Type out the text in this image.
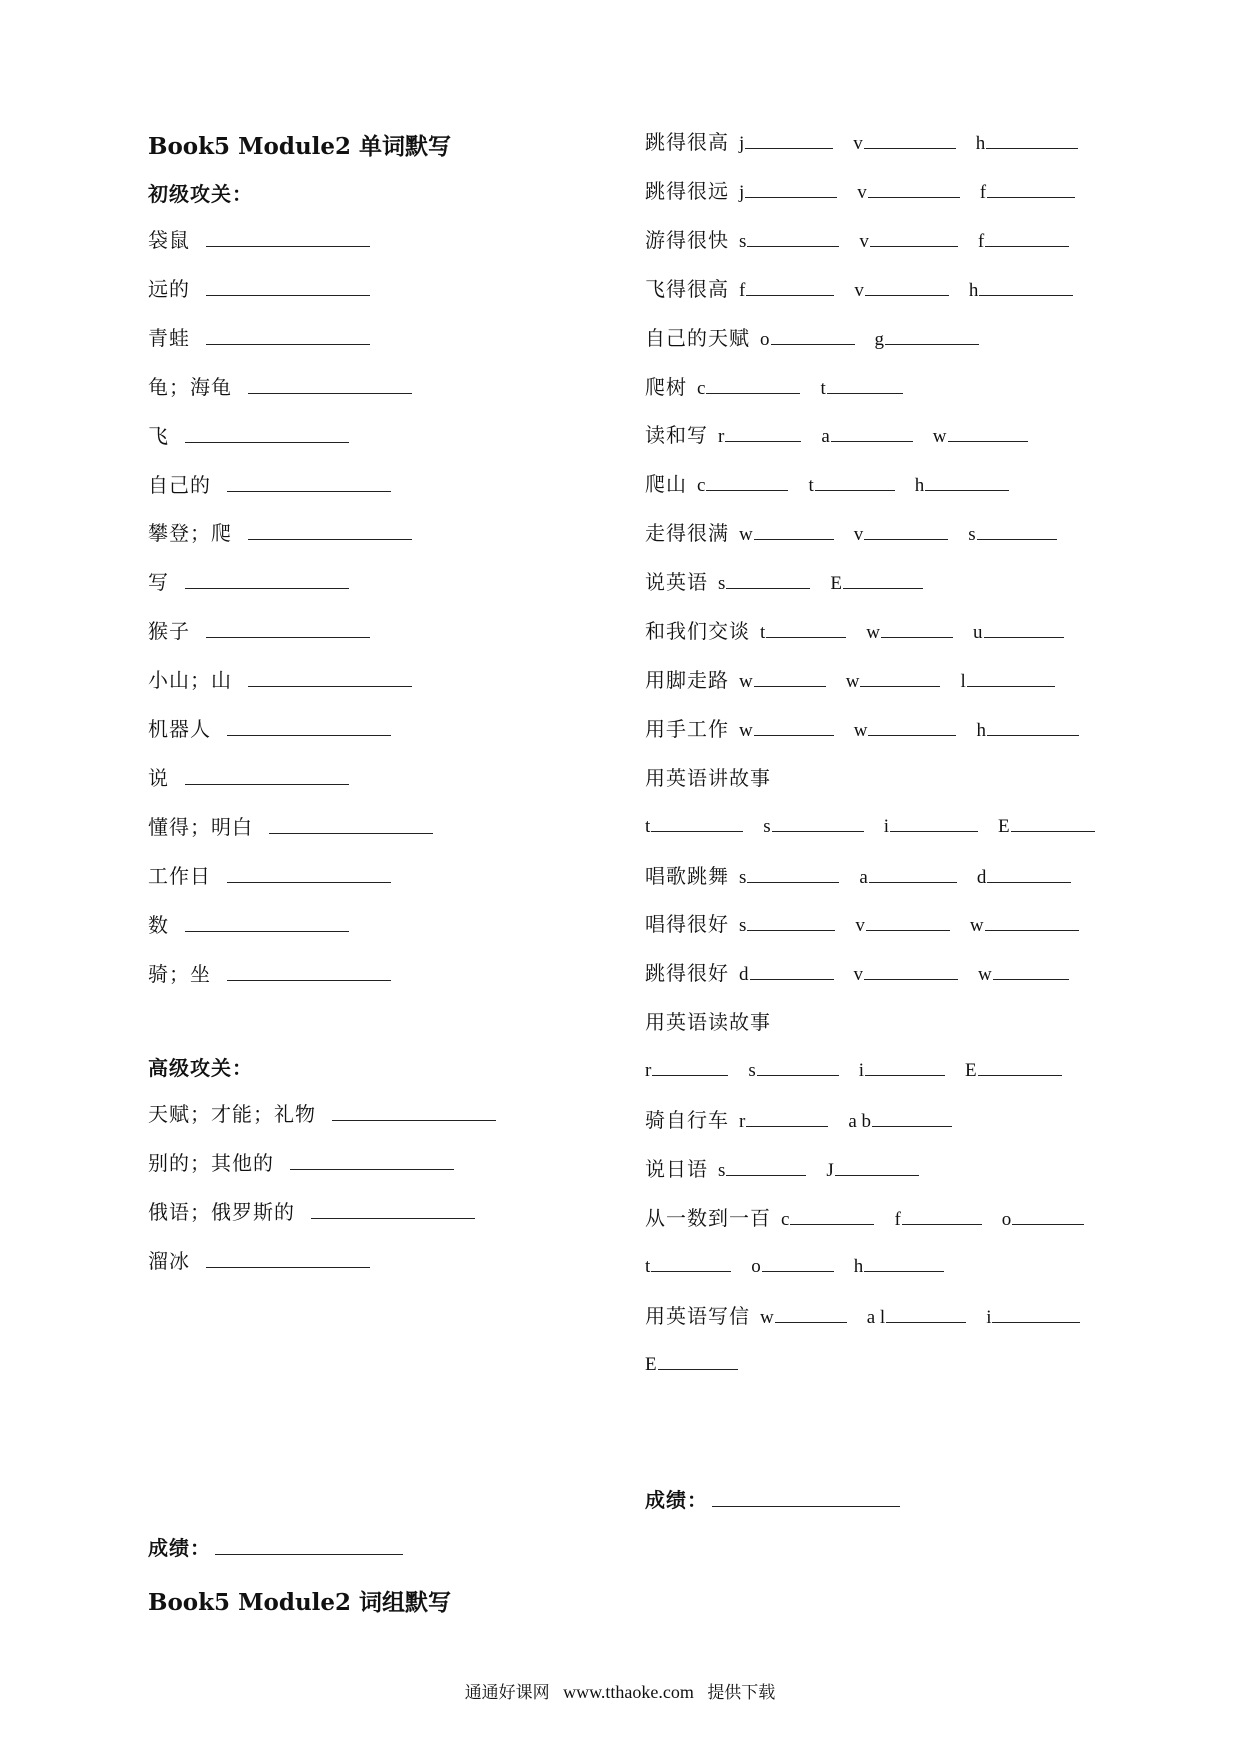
Book5 Module2 单词默写
初级攻关：
袋鼠
远的
青蛙
龟；海龟
飞
自己的
攀登；爬
写
猴子
小山；山
机器人
说
懂得；明白
工作日
数
骑；坐
高级攻关：
天赋；才能；礼物
别的；其他的
俄语；俄罗斯的
溜冰
成绩：
Book5 Module2 词组默写
跳得很高 j	v	h
跳得很远 j	v	f
游得很快 s	v	f
飞得很高 f	v	h
自己的天赋 o	g
爬树 c	t
读和写 r	a	w
爬山 c	t	h
走得很满 w	v	s
说英语 s	E
和我们交谈 t	w	u
用脚走路 w	w	l
用手工作 w	w	h
用英语讲故事
t	s	i	E
唱歌跳舞 s	a	d
唱得很好 s	v	w
跳得很好 d	v	w
用英语读故事
r	s	i	E
骑自行车 r	a b
说日语 s	J
从一数到一百 c	f	o
t	o	h
用英语写信 w	a l	i
E
成绩：
通通好课网 www.tthaoke.com 提供下载
